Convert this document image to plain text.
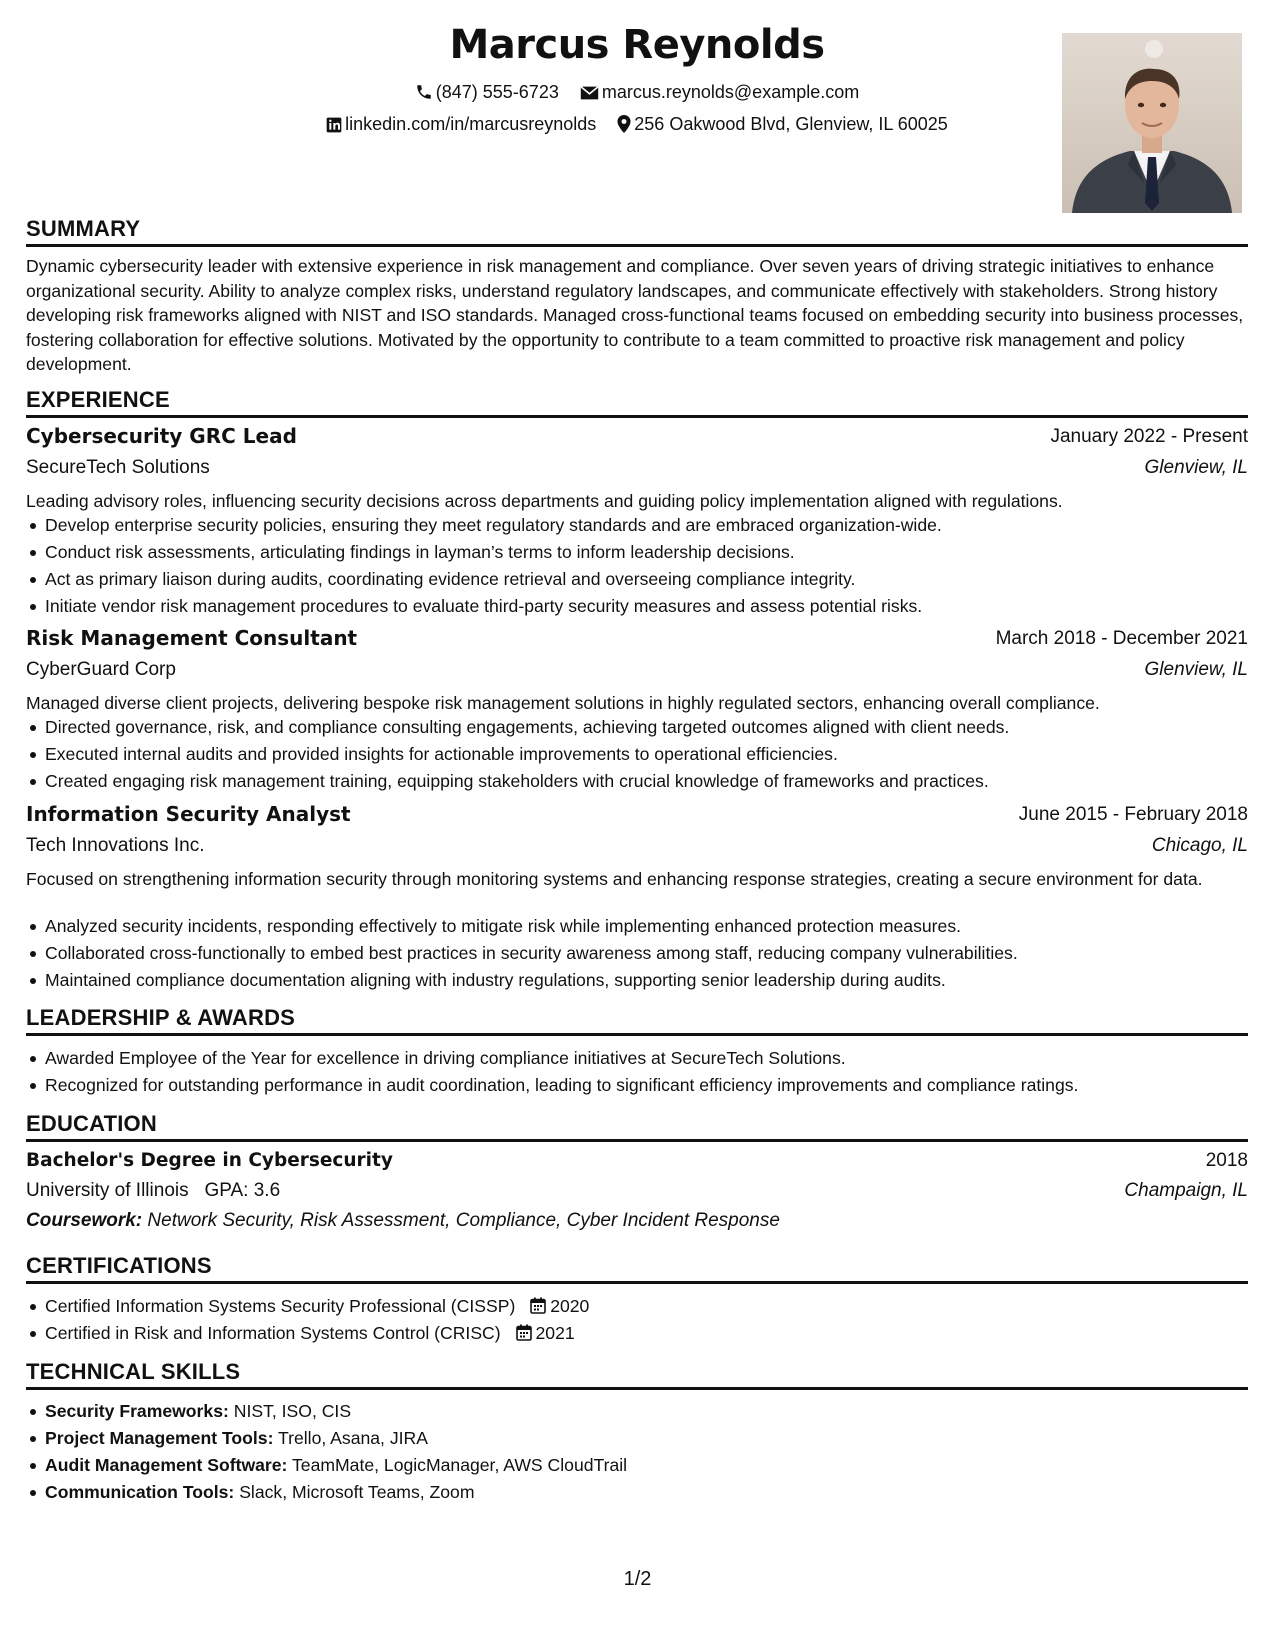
Marcus Reynolds
(847) 555-6723 marcus.reynolds@example.com
linkedin.com/in/marcusreynolds 256 Oakwood Blvd, Glenview, IL 60025
SUMMARY
Dynamic cybersecurity leader with extensive experience in risk management and compliance. Over seven years of driving strategic initiatives to enhance organizational security. Ability to analyze complex risks, understand regulatory landscapes, and communicate effectively with stakeholders. Strong history developing risk frameworks aligned with NIST and ISO standards. Managed cross-functional teams focused on embedding security into business processes, fostering collaboration for effective solutions. Motivated by the opportunity to contribute to a team committed to proactive risk management and policy development.
EXPERIENCE
Cybersecurity GRC Lead	January 2022 - Present
SecureTech Solutions	Glenview, IL
Leading advisory roles, influencing security decisions across departments and guiding policy implementation aligned with regulations.
Develop enterprise security policies, ensuring they meet regulatory standards and are embraced organization-wide.
Conduct risk assessments, articulating findings in layman’s terms to inform leadership decisions.
Act as primary liaison during audits, coordinating evidence retrieval and overseeing compliance integrity.
Initiate vendor risk management procedures to evaluate third-party security measures and assess potential risks.
Risk Management Consultant	March 2018 - December 2021
CyberGuard Corp	Glenview, IL
Managed diverse client projects, delivering bespoke risk management solutions in highly regulated sectors, enhancing overall compliance.
Directed governance, risk, and compliance consulting engagements, achieving targeted outcomes aligned with client needs.
Executed internal audits and provided insights for actionable improvements to operational efficiencies.
Created engaging risk management training, equipping stakeholders with crucial knowledge of frameworks and practices.
Information Security Analyst	June 2015 - February 2018
Tech Innovations Inc.	Chicago, IL
Focused on strengthening information security through monitoring systems and enhancing response strategies, creating a secure environment for data.
Analyzed security incidents, responding effectively to mitigate risk while implementing enhanced protection measures.
Collaborated cross-functionally to embed best practices in security awareness among staff, reducing company vulnerabilities.
Maintained compliance documentation aligning with industry regulations, supporting senior leadership during audits.
LEADERSHIP & AWARDS
Awarded Employee of the Year for excellence in driving compliance initiatives at SecureTech Solutions.
Recognized for outstanding performance in audit coordination, leading to significant efficiency improvements and compliance ratings.
EDUCATION
Bachelor's Degree in Cybersecurity	2018
University of Illinois GPA: 3.6	Champaign, IL
Coursework: Network Security, Risk Assessment, Compliance, Cyber Incident Response
CERTIFICATIONS
Certified Information Systems Security Professional (CISSP) 2020
Certified in Risk and Information Systems Control (CRISC) 2021
TECHNICAL SKILLS
Security Frameworks: NIST, ISO, CIS
Project Management Tools: Trello, Asana, JIRA
Audit Management Software: TeamMate, LogicManager, AWS CloudTrail
Communication Tools: Slack, Microsoft Teams, Zoom
1/2
